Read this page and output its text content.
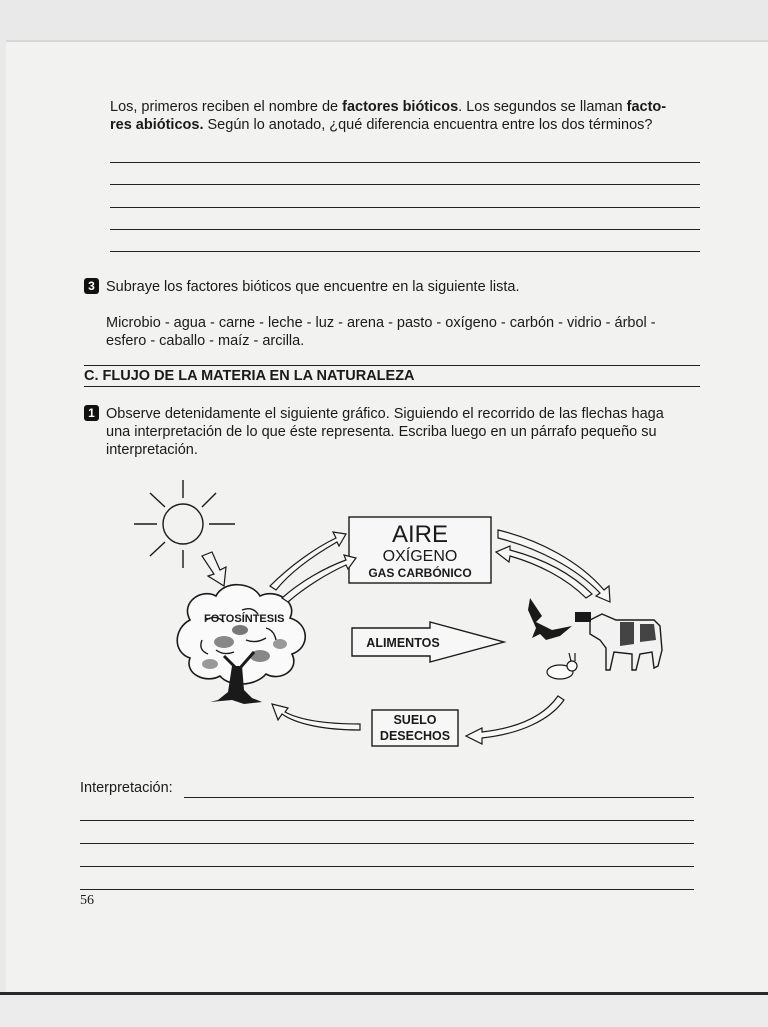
Los, primeros reciben el nombre de factores bióticos. Los segundos se llaman facto-
res abióticos. Según lo anotado, ¿qué diferencia encuentra entre los dos términos?

3 Subraye los factores bióticos que encuentre en la siguiente lista.

Microbio - agua - carne - leche - luz - arena - pasto - oxígeno - carbón - vidrio - árbol -
esfero - caballo - maíz - arcilla.

C. FLUJO DE LA MATERIA EN LA NATURALEZA

1 Observe detenidamente el siguiente gráfico. Siguiendo el recorrido de las flechas haga
una interpretación de lo que éste representa. Escriba luego en un párrafo pequeño su
interpretación.

FOTOSÍNTESIS
AIRE
OXÍGENO
GAS CARBÓNICO
ALIMENTOS
SUELO
DESECHOS

Interpretación:

56
